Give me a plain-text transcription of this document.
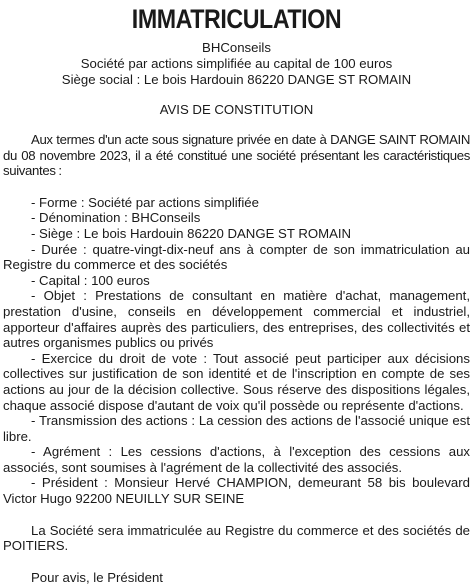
IMMATRICULATION

BHConseils

Société par actions simplifiée au capital de 100 euros

Siège social : Le bois Hardouin 86220 DANGE ST ROMAIN

AVIS DE CONSTITUTION

Aux termes d'un acte sous signature privée en date à DANGE SAINT ROMAIN du 08 novembre 2023, il a été constitué une société présentant les caractéristiques suivantes :

- Forme : Société par actions simplifiée

- Dénomination : BHConseils

- Siège : Le bois Hardouin 86220 DANGE ST ROMAIN

- Durée : quatre-vingt-dix-neuf ans à compter de son immatriculation au Registre du commerce et des sociétés

- Capital : 100 euros

- Objet : Prestations de consultant en matière d'achat, management, prestation d'usine, conseils en développement commercial et industriel, apporteur d'affaires auprès des particuliers, des entreprises, des collectivités et autres organismes publics ou privés

- Exercice du droit de vote : Tout associé peut participer aux décisions collectives sur justification de son identité et de l'inscription en compte de ses actions au jour de la décision collective. Sous réserve des dispositions légales, chaque associé dispose d'autant de voix qu'il possède ou représente d'actions.

- Transmission des actions : La cession des actions de l'associé unique est libre.

- Agrément : Les cessions d'actions, à l'exception des cessions aux associés, sont soumises à l'agrément de la collectivité des associés.

- Président : Monsieur Hervé CHAMPION, demeurant 58 bis boulevard Victor Hugo 92200 NEUILLY SUR SEINE

La Société sera immatriculée au Registre du commerce et des sociétés de POITIERS.

Pour avis, le Président
